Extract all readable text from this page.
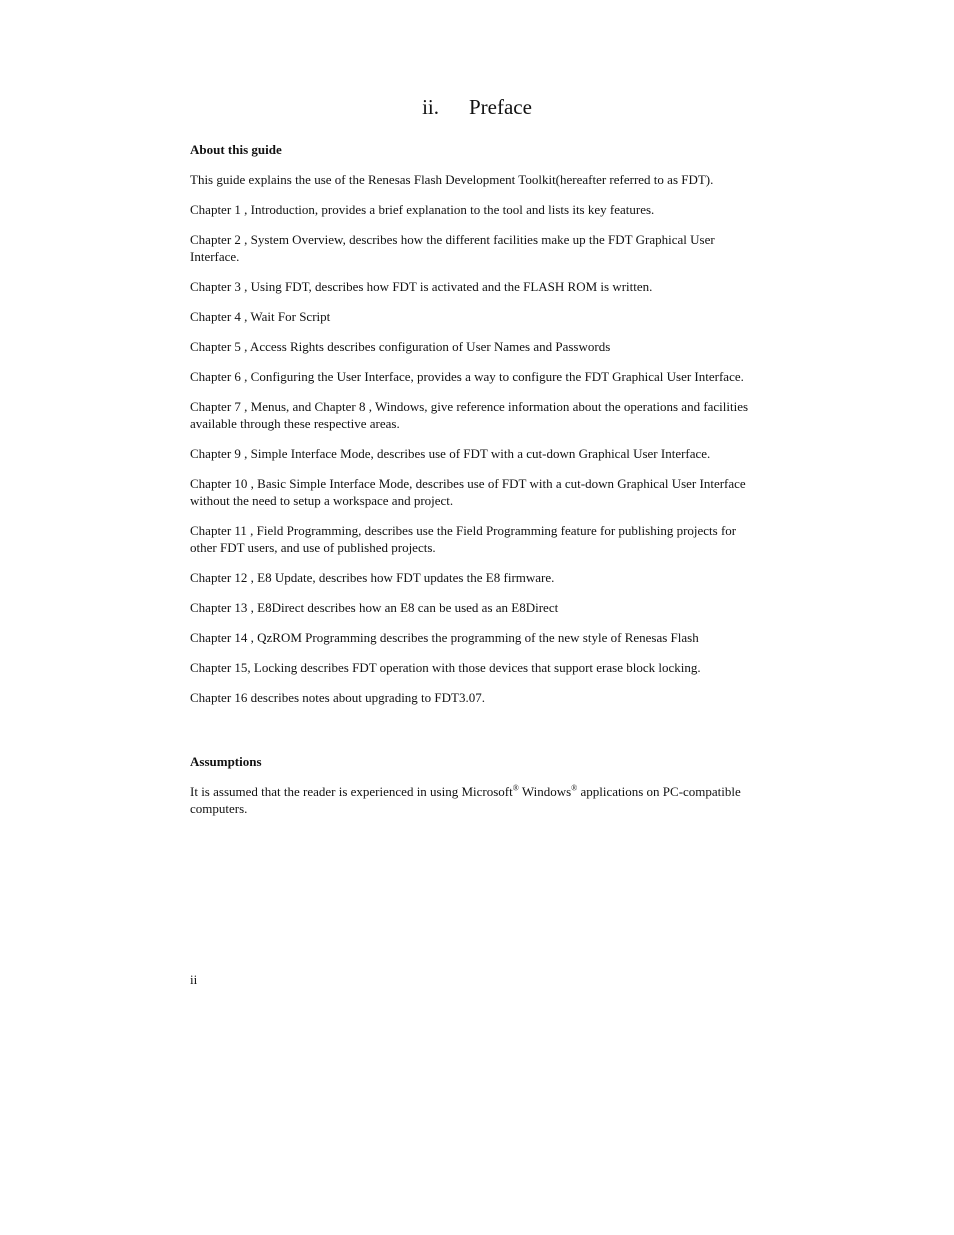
ii. Preface
About this guide
This guide explains the use of the Renesas Flash Development Toolkit(hereafter referred to as FDT).
Chapter 1 , Introduction, provides a brief explanation to the tool and lists its key features.
Chapter 2 , System Overview, describes how the different facilities make up the FDT Graphical User Interface.
Chapter 3 , Using FDT, describes how FDT is activated and the FLASH ROM is written.
Chapter 4 , Wait For Script
Chapter 5 , Access Rights describes configuration of User Names and Passwords
Chapter 6 , Configuring the User Interface, provides a way to configure the FDT Graphical User Interface.
Chapter 7 , Menus, and Chapter 8 , Windows, give reference information about the operations and facilities available through these respective areas.
Chapter 9 , Simple Interface Mode, describes use of FDT with a cut-down Graphical User Interface.
Chapter 10 , Basic Simple Interface Mode, describes use of FDT with a cut-down Graphical User Interface without the need to setup a workspace and project.
Chapter 11 , Field Programming, describes use the Field Programming feature for publishing projects for other FDT users, and use of published projects.
Chapter 12 , E8 Update, describes how FDT updates the E8 firmware.
Chapter 13 , E8Direct describes how an E8 can be used as an E8Direct
Chapter 14 , QzROM Programming describes the programming of the new style of Renesas Flash
Chapter 15, Locking describes FDT operation with those devices that support erase block locking.
Chapter 16 describes notes about upgrading to FDT3.07.
Assumptions
It is assumed that the reader is experienced in using Microsoft® Windows® applications on PC-compatible computers.
ii
